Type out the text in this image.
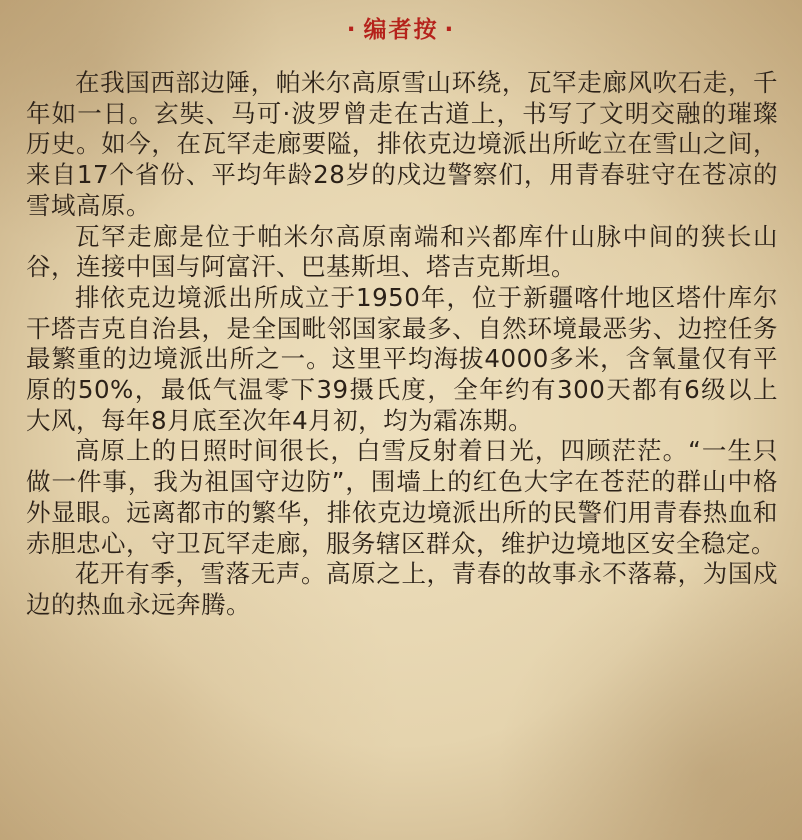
· 编者按 ·

在我国西部边陲，帕米尔高原雪山环绕，瓦罕走廊风吹石走，千年如一日。玄奘、马可·波罗曾走在古道上，书写了文明交融的璀璨历史。如今，在瓦罕走廊要隘，排依克边境派出所屹立在雪山之间，来自17个省份、平均年龄28岁的戍边警察们，用青春驻守在苍凉的雪域高原。

瓦罕走廊是位于帕米尔高原南端和兴都库什山脉中间的狭长山谷，连接中国与阿富汗、巴基斯坦、塔吉克斯坦。

排依克边境派出所成立于1950年，位于新疆喀什地区塔什库尔干塔吉克自治县，是全国毗邻国家最多、自然环境最恶劣、边控任务最繁重的边境派出所之一。这里平均海拔4000多米，含氧量仅有平原的50%，最低气温零下39摄氏度，全年约有300天都有6级以上大风，每年8月底至次年4月初，均为霜冻期。

高原上的日照时间很长，白雪反射着日光，四顾茫茫。“一生只做一件事，我为祖国守边防”，围墙上的红色大字在苍茫的群山中格外显眼。远离都市的繁华，排依克边境派出所的民警们用青春热血和赤胆忠心，守卫瓦罕走廊，服务辖区群众，维护边境地区安全稳定。

花开有季，雪落无声。高原之上，青春的故事永不落幕，为国戍边的热血永远奔腾。
